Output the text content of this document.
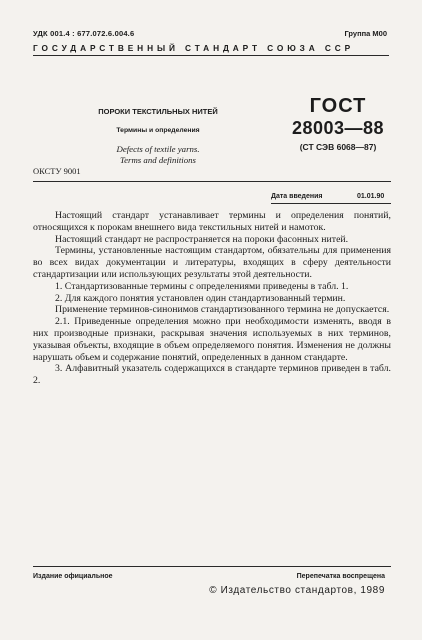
УДК 001.4 : 677.072.6.004.6	Группа М00
ГОСУДАРСТВЕННЫЙ СТАНДАРТ СОЮЗА ССР
ПОРОКИ ТЕКСТИЛЬНЫХ НИТЕЙ
Термины и определения
Defects of textile yarns.
Terms and definitions
ГОСТ
28003—88
(СТ СЭВ 6068—87)
ОКСТУ 9001
Дата введения	01.01.90

Настоящий стандарт устанавливает термины и определения понятий, относящихся к порокам внешнего вида текстильных нитей и намоток.

Настоящий стандарт не распространяется на пороки фасонных нитей.

Термины, установленные настоящим стандартом, обязательны для применения во всех видах документации и литературы, входящих в сферу деятельности стандартизации или использующих результаты этой деятельности.

1. Стандартизованные термины с определениями приведены в табл. 1.

2. Для каждого понятия установлен один стандартизованный термин.

Применение терминов-синонимов стандартизованного термина не допускается.

2.1. Приведенные определения можно при необходимости изменять, вводя в них производные признаки, раскрывая значения используемых в них терминов, указывая объекты, входящие в объем определяемого понятия. Изменения не должны нарушать объем и содержание понятий, определенных в данном стандарте.

3. Алфавитный указатель содержащихся в стандарте терминов приведен в табл. 2.

Издание официальное	Перепечатка воспрещена
© Издательство стандартов, 1989
